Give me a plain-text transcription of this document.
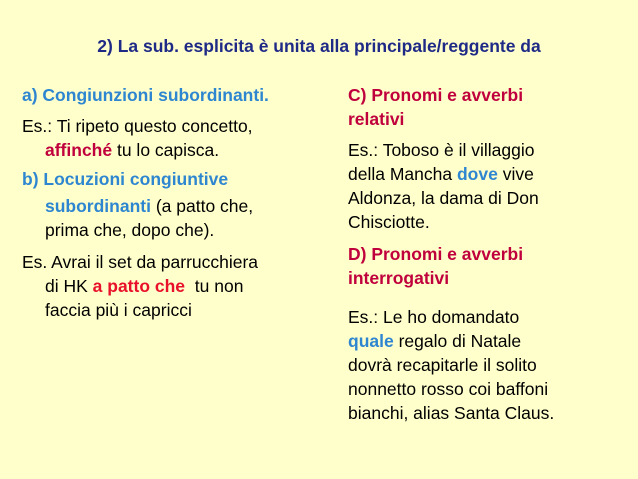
2) La sub. esplicita è unita alla principale/reggente da
a) Congiunzioni subordinanti.
Es.: Ti ripeto questo concetto,
affinché tu lo capisca.
b) Locuzioni congiuntive
subordinanti (a patto che,
prima che, dopo che).
Es. Avrai il set da parrucchiera
di HK a patto che  tu non
faccia più i capricci
C) Pronomi e avverbi
relativi
Es.: Toboso è il villaggio
della Mancha dove vive
Aldonza, la dama di Don
Chisciotte.
D) Pronomi e avverbi
interrogativi
Es.: Le ho domandato
quale regalo di Natale
dovrà recapitarle il solito
nonnetto rosso coi baffoni
bianchi, alias Santa Claus.
